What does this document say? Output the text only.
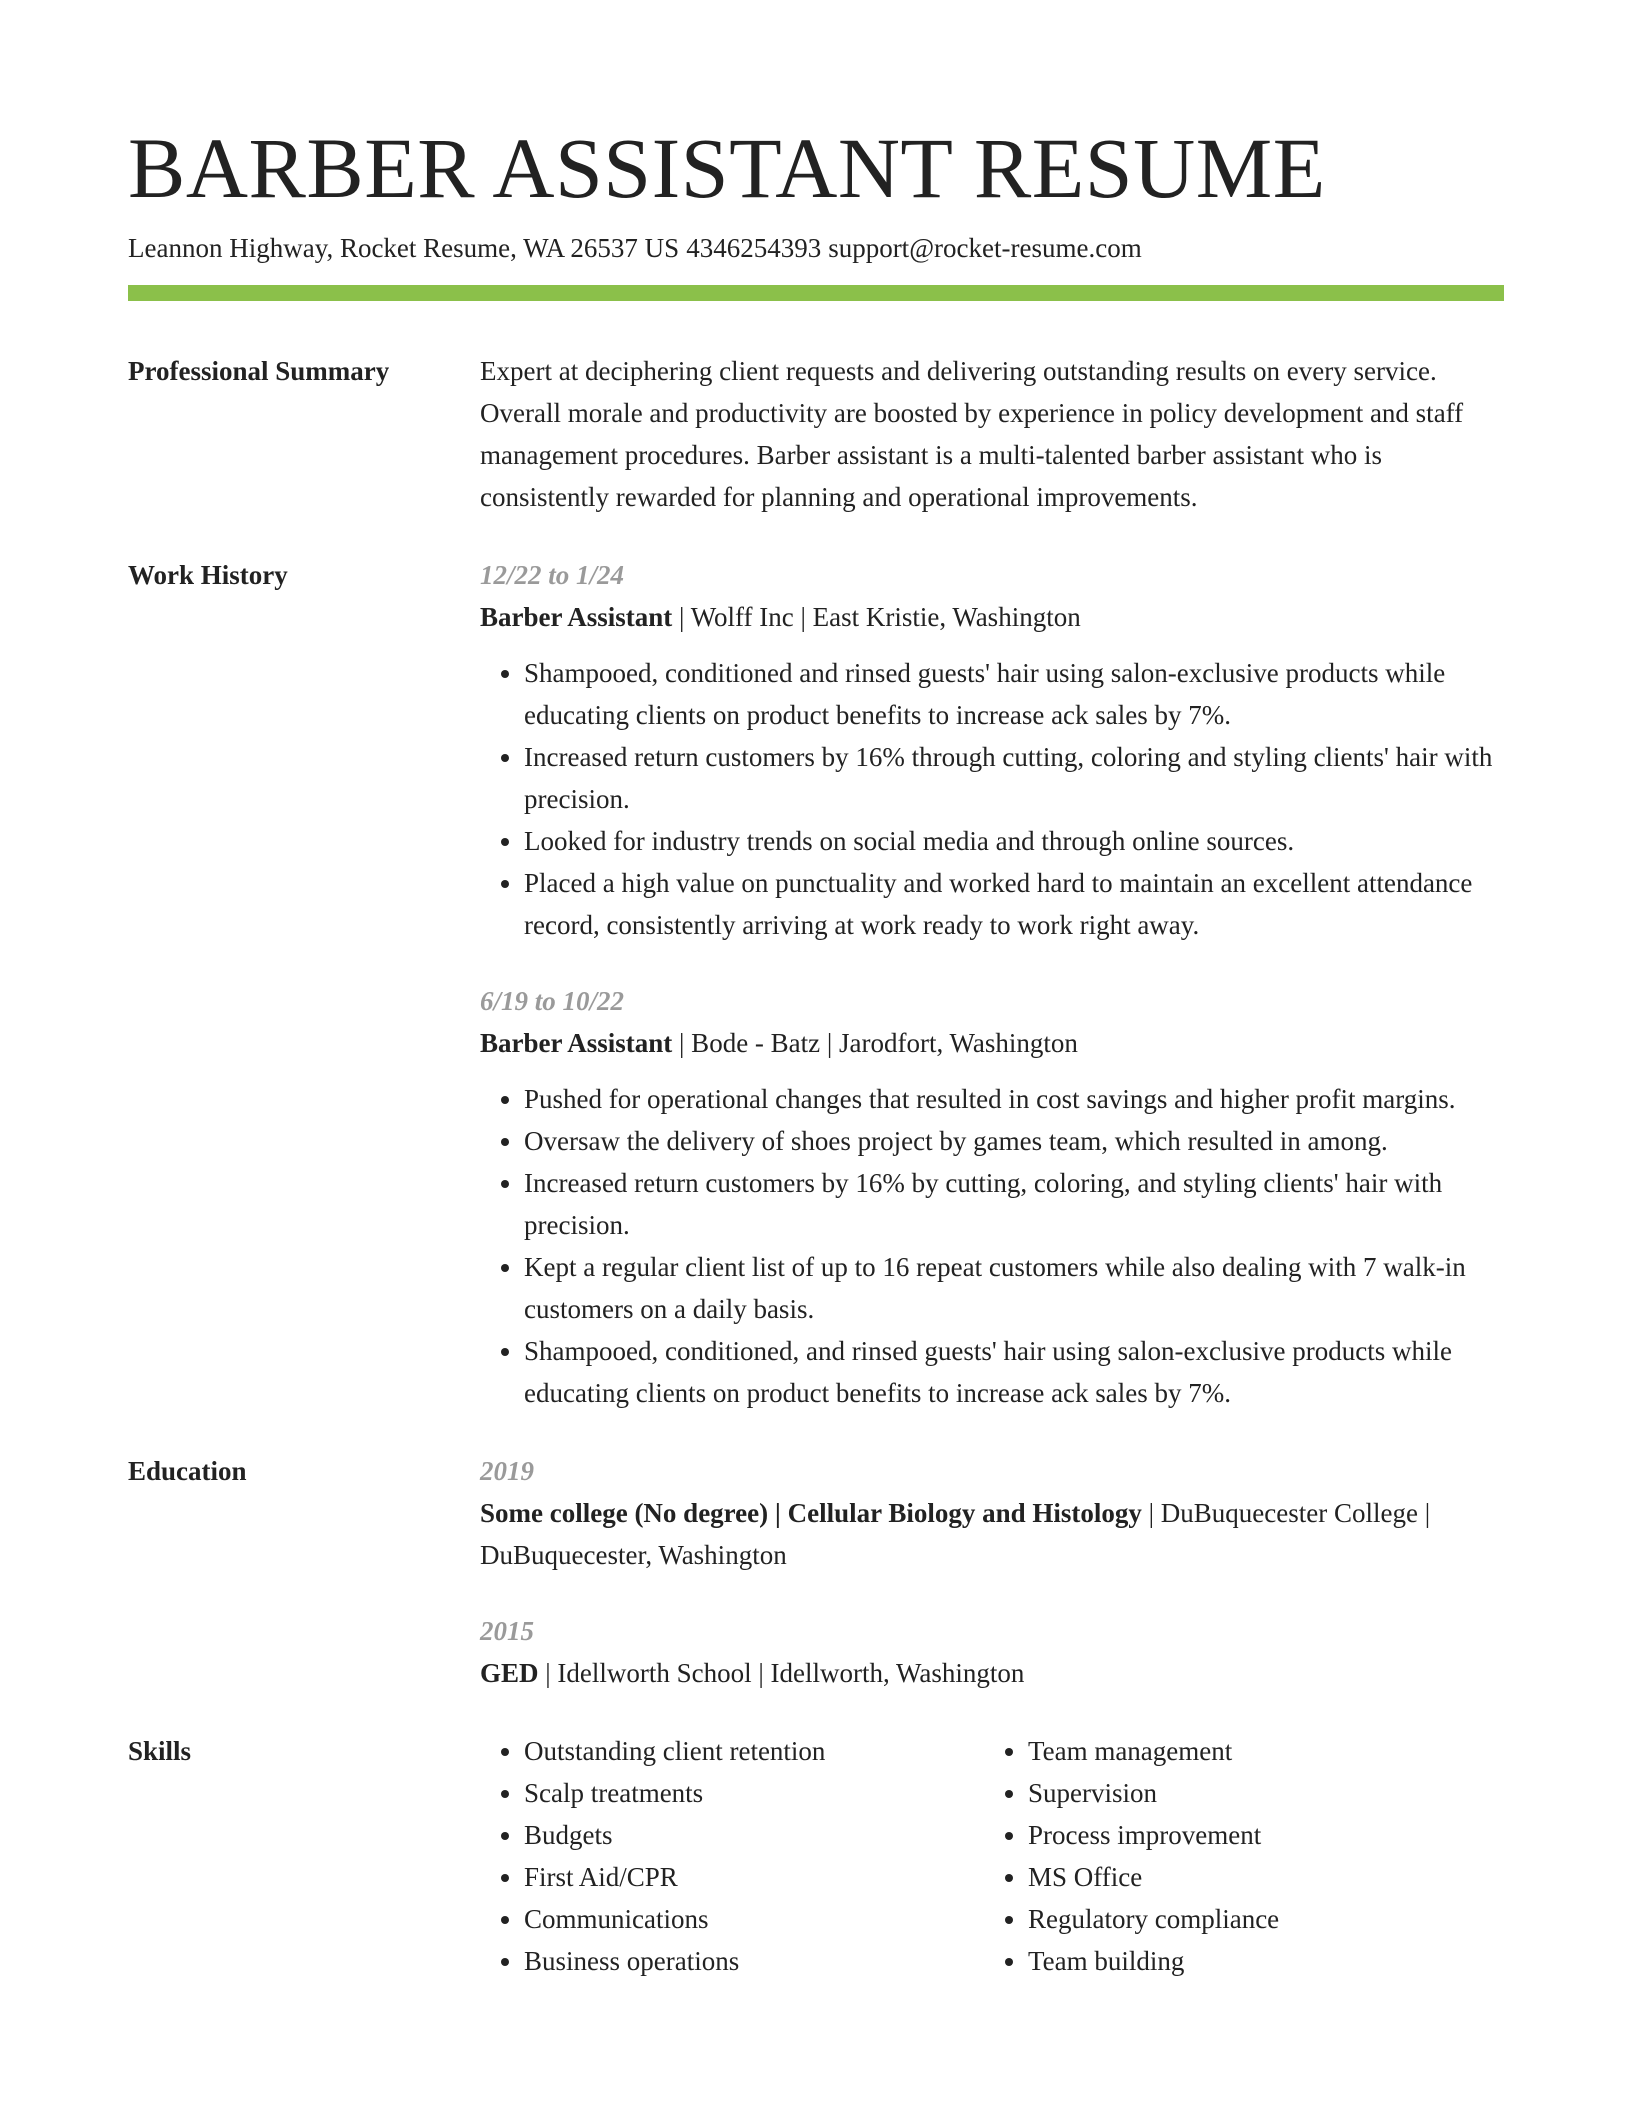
BARBER ASSISTANT RESUME
Leannon Highway, Rocket Resume, WA 26537 US 4346254393 support@rocket-resume.com
Professional Summary	Expert at deciphering client requests and delivering outstanding results on every service. Overall morale and productivity are boosted by experience in policy development and staff management procedures. Barber assistant is a multi-talented barber assistant who is consistently rewarded for planning and operational improvements.

Work History	12/22 to 1/24
Barber Assistant | Wolff Inc | East Kristie, Washington
• Shampooed, conditioned and rinsed guests' hair using salon-exclusive products while educating clients on product benefits to increase ack sales by 7%.
• Increased return customers by 16% through cutting, coloring and styling clients' hair with precision.
• Looked for industry trends on social media and through online sources.
• Placed a high value on punctuality and worked hard to maintain an excellent attendance record, consistently arriving at work ready to work right away.
6/19 to 10/22
Barber Assistant | Bode - Batz | Jarodfort, Washington
• Pushed for operational changes that resulted in cost savings and higher profit margins.
• Oversaw the delivery of shoes project by games team, which resulted in among.
• Increased return customers by 16% by cutting, coloring, and styling clients' hair with precision.
• Kept a regular client list of up to 16 repeat customers while also dealing with 7 walk-in customers on a daily basis.
• Shampooed, conditioned, and rinsed guests' hair using salon-exclusive products while educating clients on product benefits to increase ack sales by 7%.
Education	2019
Some college (No degree) | Cellular Biology and Histology | DuBuquecester College | DuBuquecester, Washington
2015
GED | Idellworth School | Idellworth, Washington
Skills
•	Outstanding client retention
• Scalp treatments
• Budgets
• First Aid/CPR
• Communications
• Business operations
• Team management
• Supervision
• Process improvement
• MS Office
• Regulatory compliance
• Team building
